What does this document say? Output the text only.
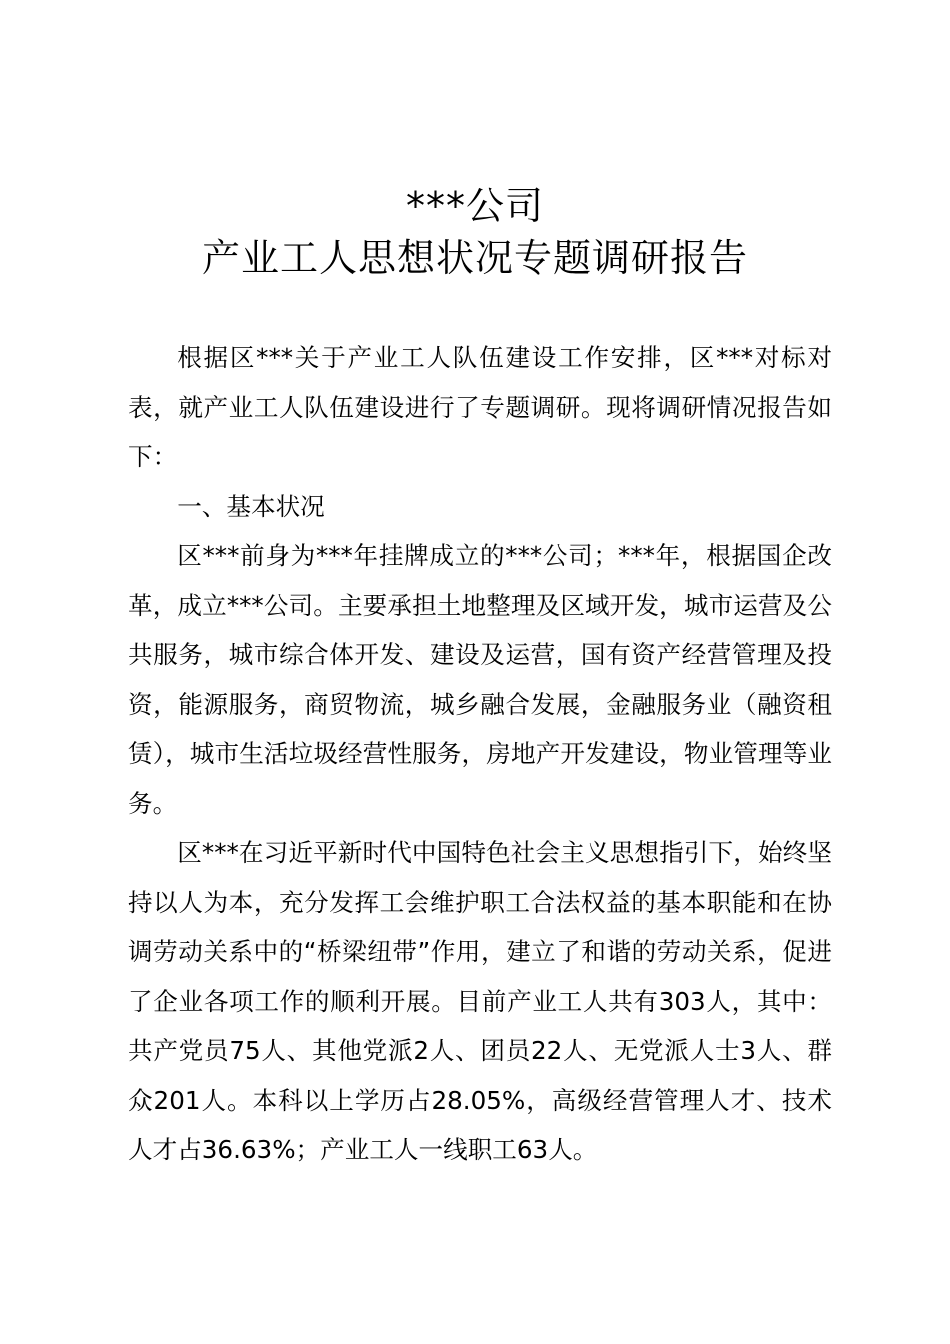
***公司
产业工人思想状况专题调研报告
根据区***关于产业工人队伍建设工作安排，区***对标对表，就产业工人队伍建设进行了专题调研。现将调研情况报告如下：
一、基本状况
区***前身为***年挂牌成立的***公司；***年，根据国企改革，成立***公司。主要承担土地整理及区域开发，城市运营及公共服务，城市综合体开发、建设及运营，国有资产经营管理及投资，能源服务，商贸物流，城乡融合发展，金融服务业（融资租赁），城市生活垃圾经营性服务，房地产开发建设，物业管理等业务。
区***在习近平新时代中国特色社会主义思想指引下，始终坚持以人为本，充分发挥工会维护职工合法权益的基本职能和在协调劳动关系中的“桥梁纽带”作用，建立了和谐的劳动关系，促进了企业各项工作的顺利开展。目前产业工人共有303人，其中：共产党员75人、其他党派2人、团员22人、无党派人士3人、群众201人。本科以上学历占28.05%，高级经营管理人才、技术人才占36.63%；产业工人一线职工63人。
